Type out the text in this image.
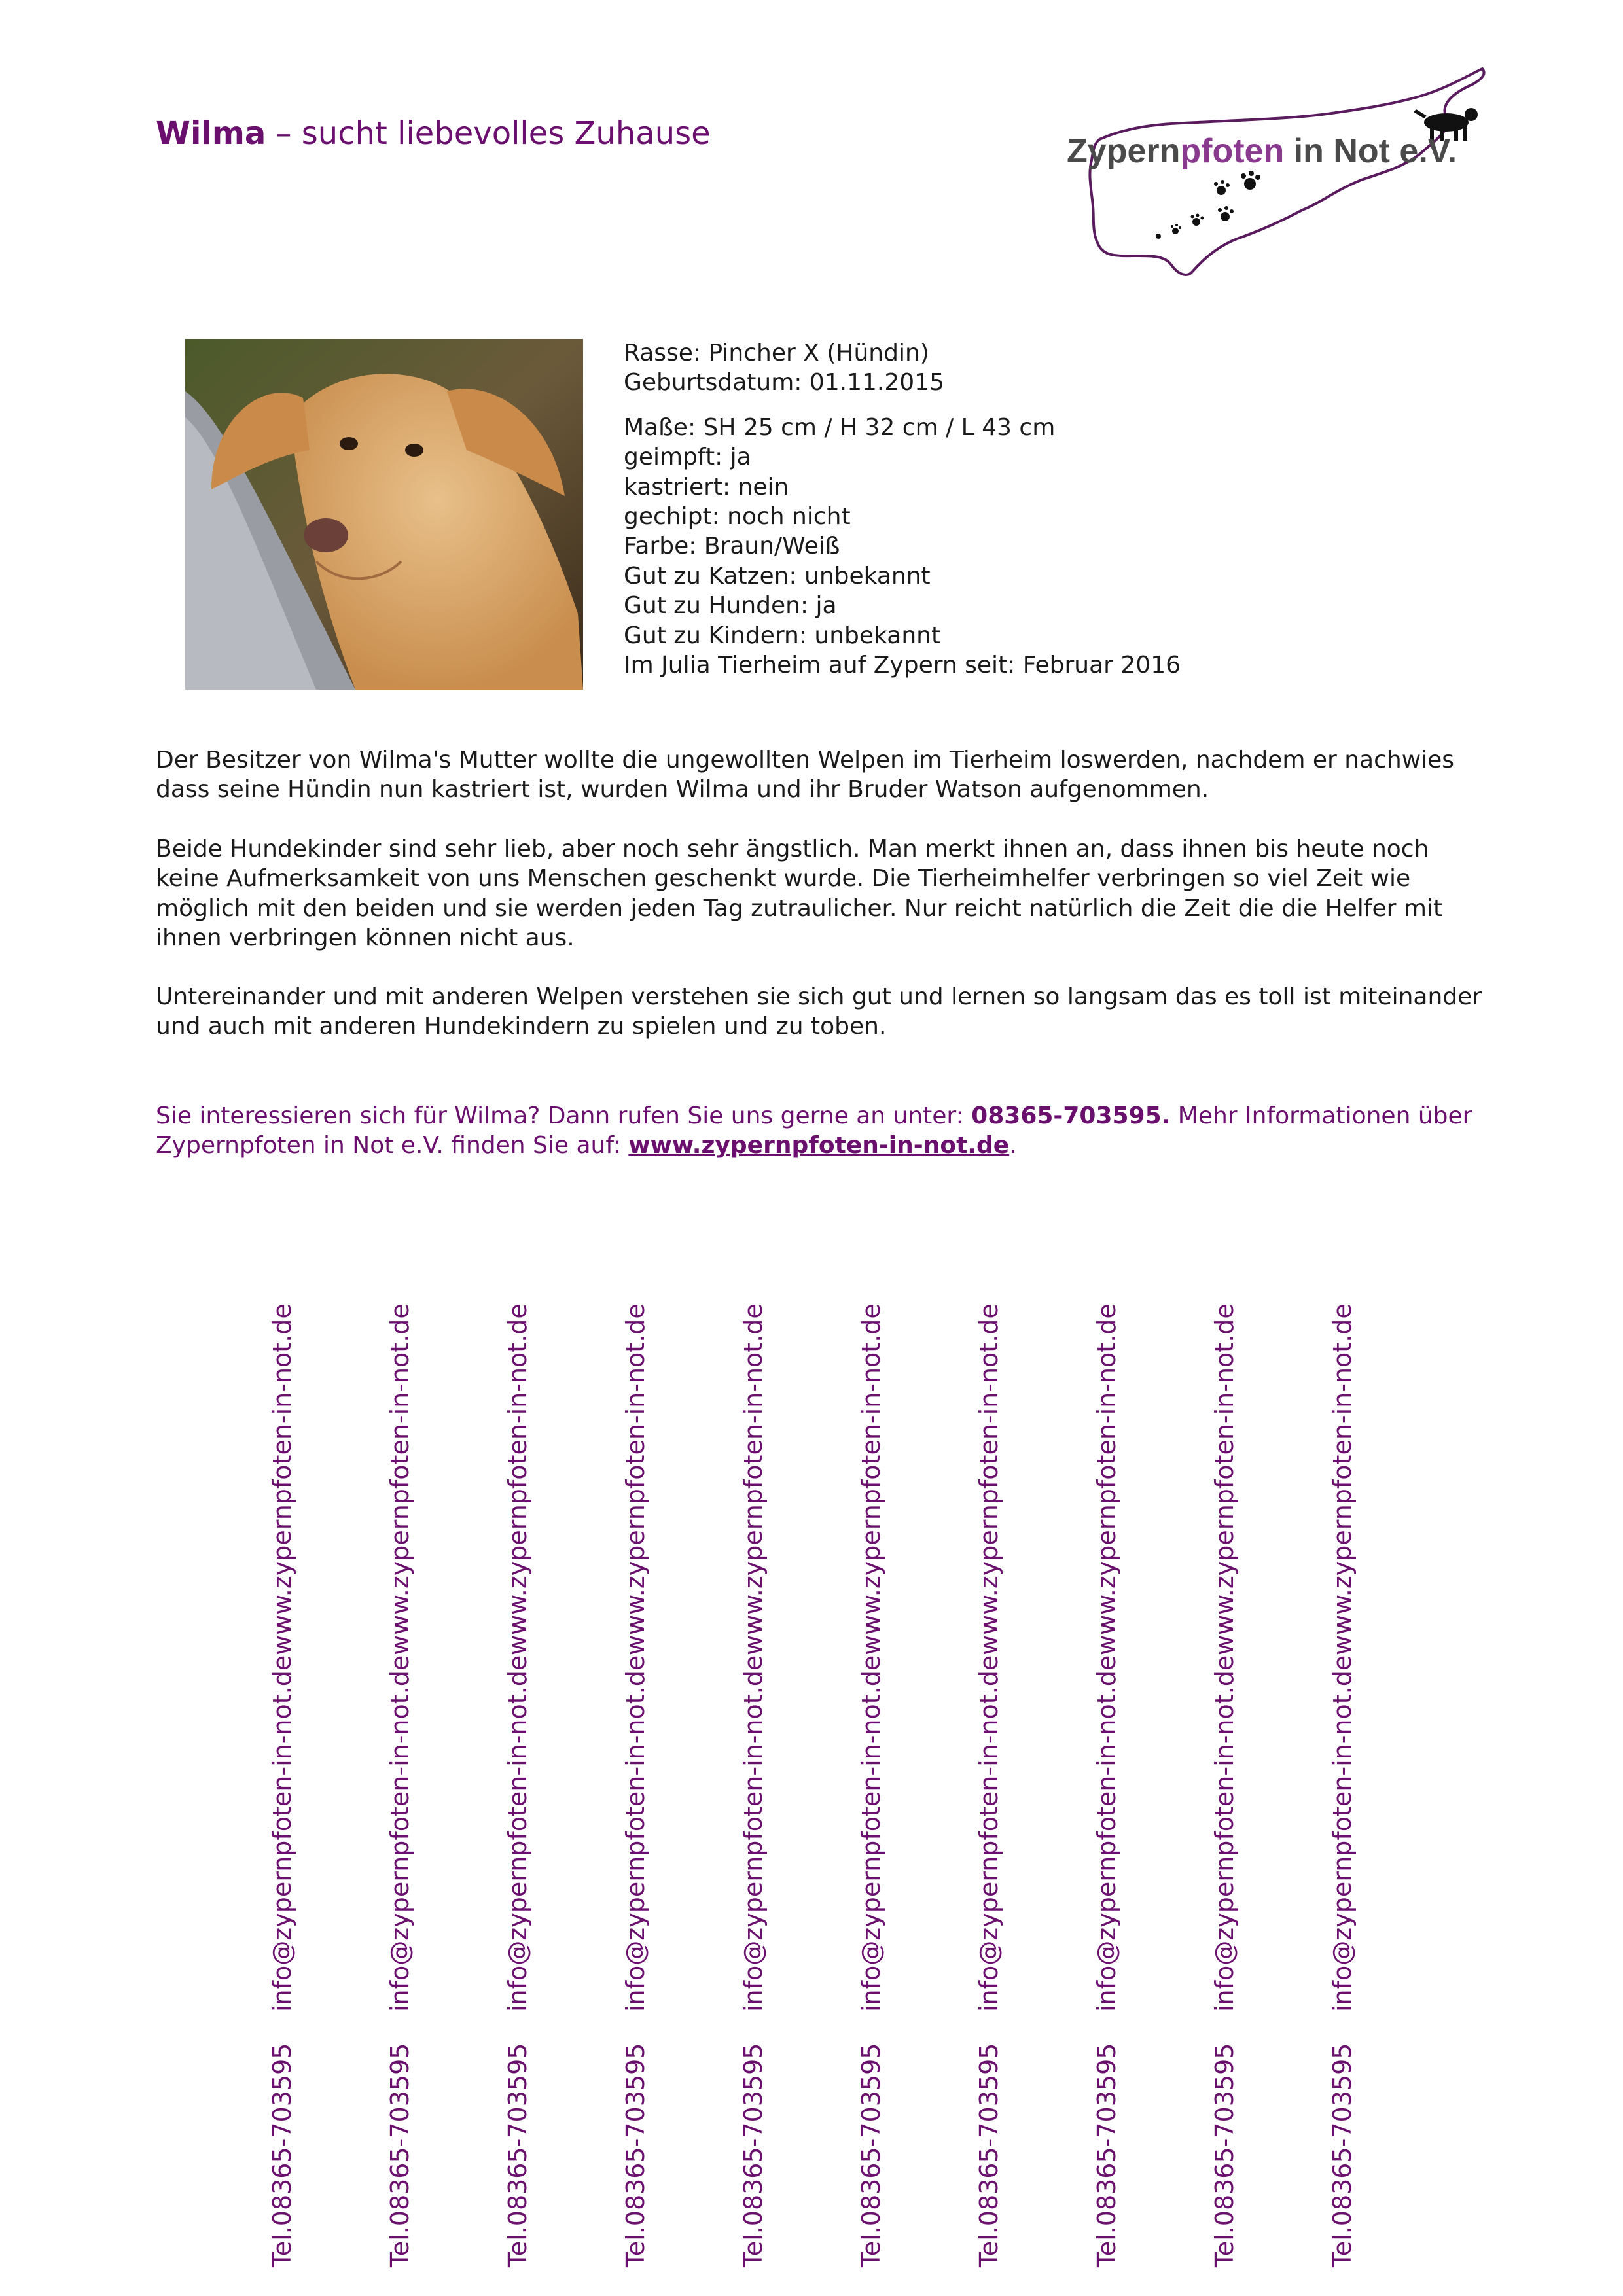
Wilma – sucht liebevolles Zuhause	Zypernpfoten in Not e.V.
Rasse: Pincher X (Hündin)
Geburtsdatum: 01.11.2015
Maße: SH 25 cm / H 32 cm / L 43 cm
geimpft: ja
kastriert: nein
gechipt: noch nicht
Farbe: Braun/Weiß
Gut zu Katzen: unbekannt
Gut zu Hunden: ja
Gut zu Kindern: unbekannt
Im Julia Tierheim auf Zypern seit: Februar 2016

Der Besitzer von Wilma's Mutter wollte die ungewollten Welpen im Tierheim loswerden, nachdem er nachwies dass seine Hündin nun kastriert ist, wurden Wilma und ihr Bruder Watson aufgenommen.

Beide Hundekinder sind sehr lieb, aber noch sehr ängstlich. Man merkt ihnen an, dass ihnen bis heute noch keine Aufmerksamkeit von uns Menschen geschenkt wurde. Die Tierheimhelfer verbringen so viel Zeit wie möglich mit den beiden und sie werden jeden Tag zutraulicher. Nur reicht natürlich die Zeit die die Helfer mit ihnen verbringen können nicht aus.

Untereinander und mit anderen Welpen verstehen sie sich gut und lernen so langsam das es toll ist miteinander und auch mit anderen Hundekindern zu spielen und zu toben.

Sie interessieren sich für Wilma? Dann rufen Sie uns gerne an unter: 08365-703595. Mehr Informationen über Zypernpfoten in Not e.V. finden Sie auf: www.zypernpfoten-in-not.de.

Tel.08365-703595
info@zypernpfoten-in-not.de
www.zypernpfoten-in-not.de
Tel.08365-703595
info@zypernpfoten-in-not.de
www.zypernpfoten-in-not.de
Tel.08365-703595
info@zypernpfoten-in-not.de
www.zypernpfoten-in-not.de
Tel.08365-703595
info@zypernpfoten-in-not.de
www.zypernpfoten-in-not.de
Tel.08365-703595
info@zypernpfoten-in-not.de
www.zypernpfoten-in-not.de
Tel.08365-703595
info@zypernpfoten-in-not.de
www.zypernpfoten-in-not.de
Tel.08365-703595
info@zypernpfoten-in-not.de
www.zypernpfoten-in-not.de
Tel.08365-703595
info@zypernpfoten-in-not.de
www.zypernpfoten-in-not.de
Tel.08365-703595
info@zypernpfoten-in-not.de
www.zypernpfoten-in-not.de
Tel.08365-703595
info@zypernpfoten-in-not.de
www.zypernpfoten-in-not.de
